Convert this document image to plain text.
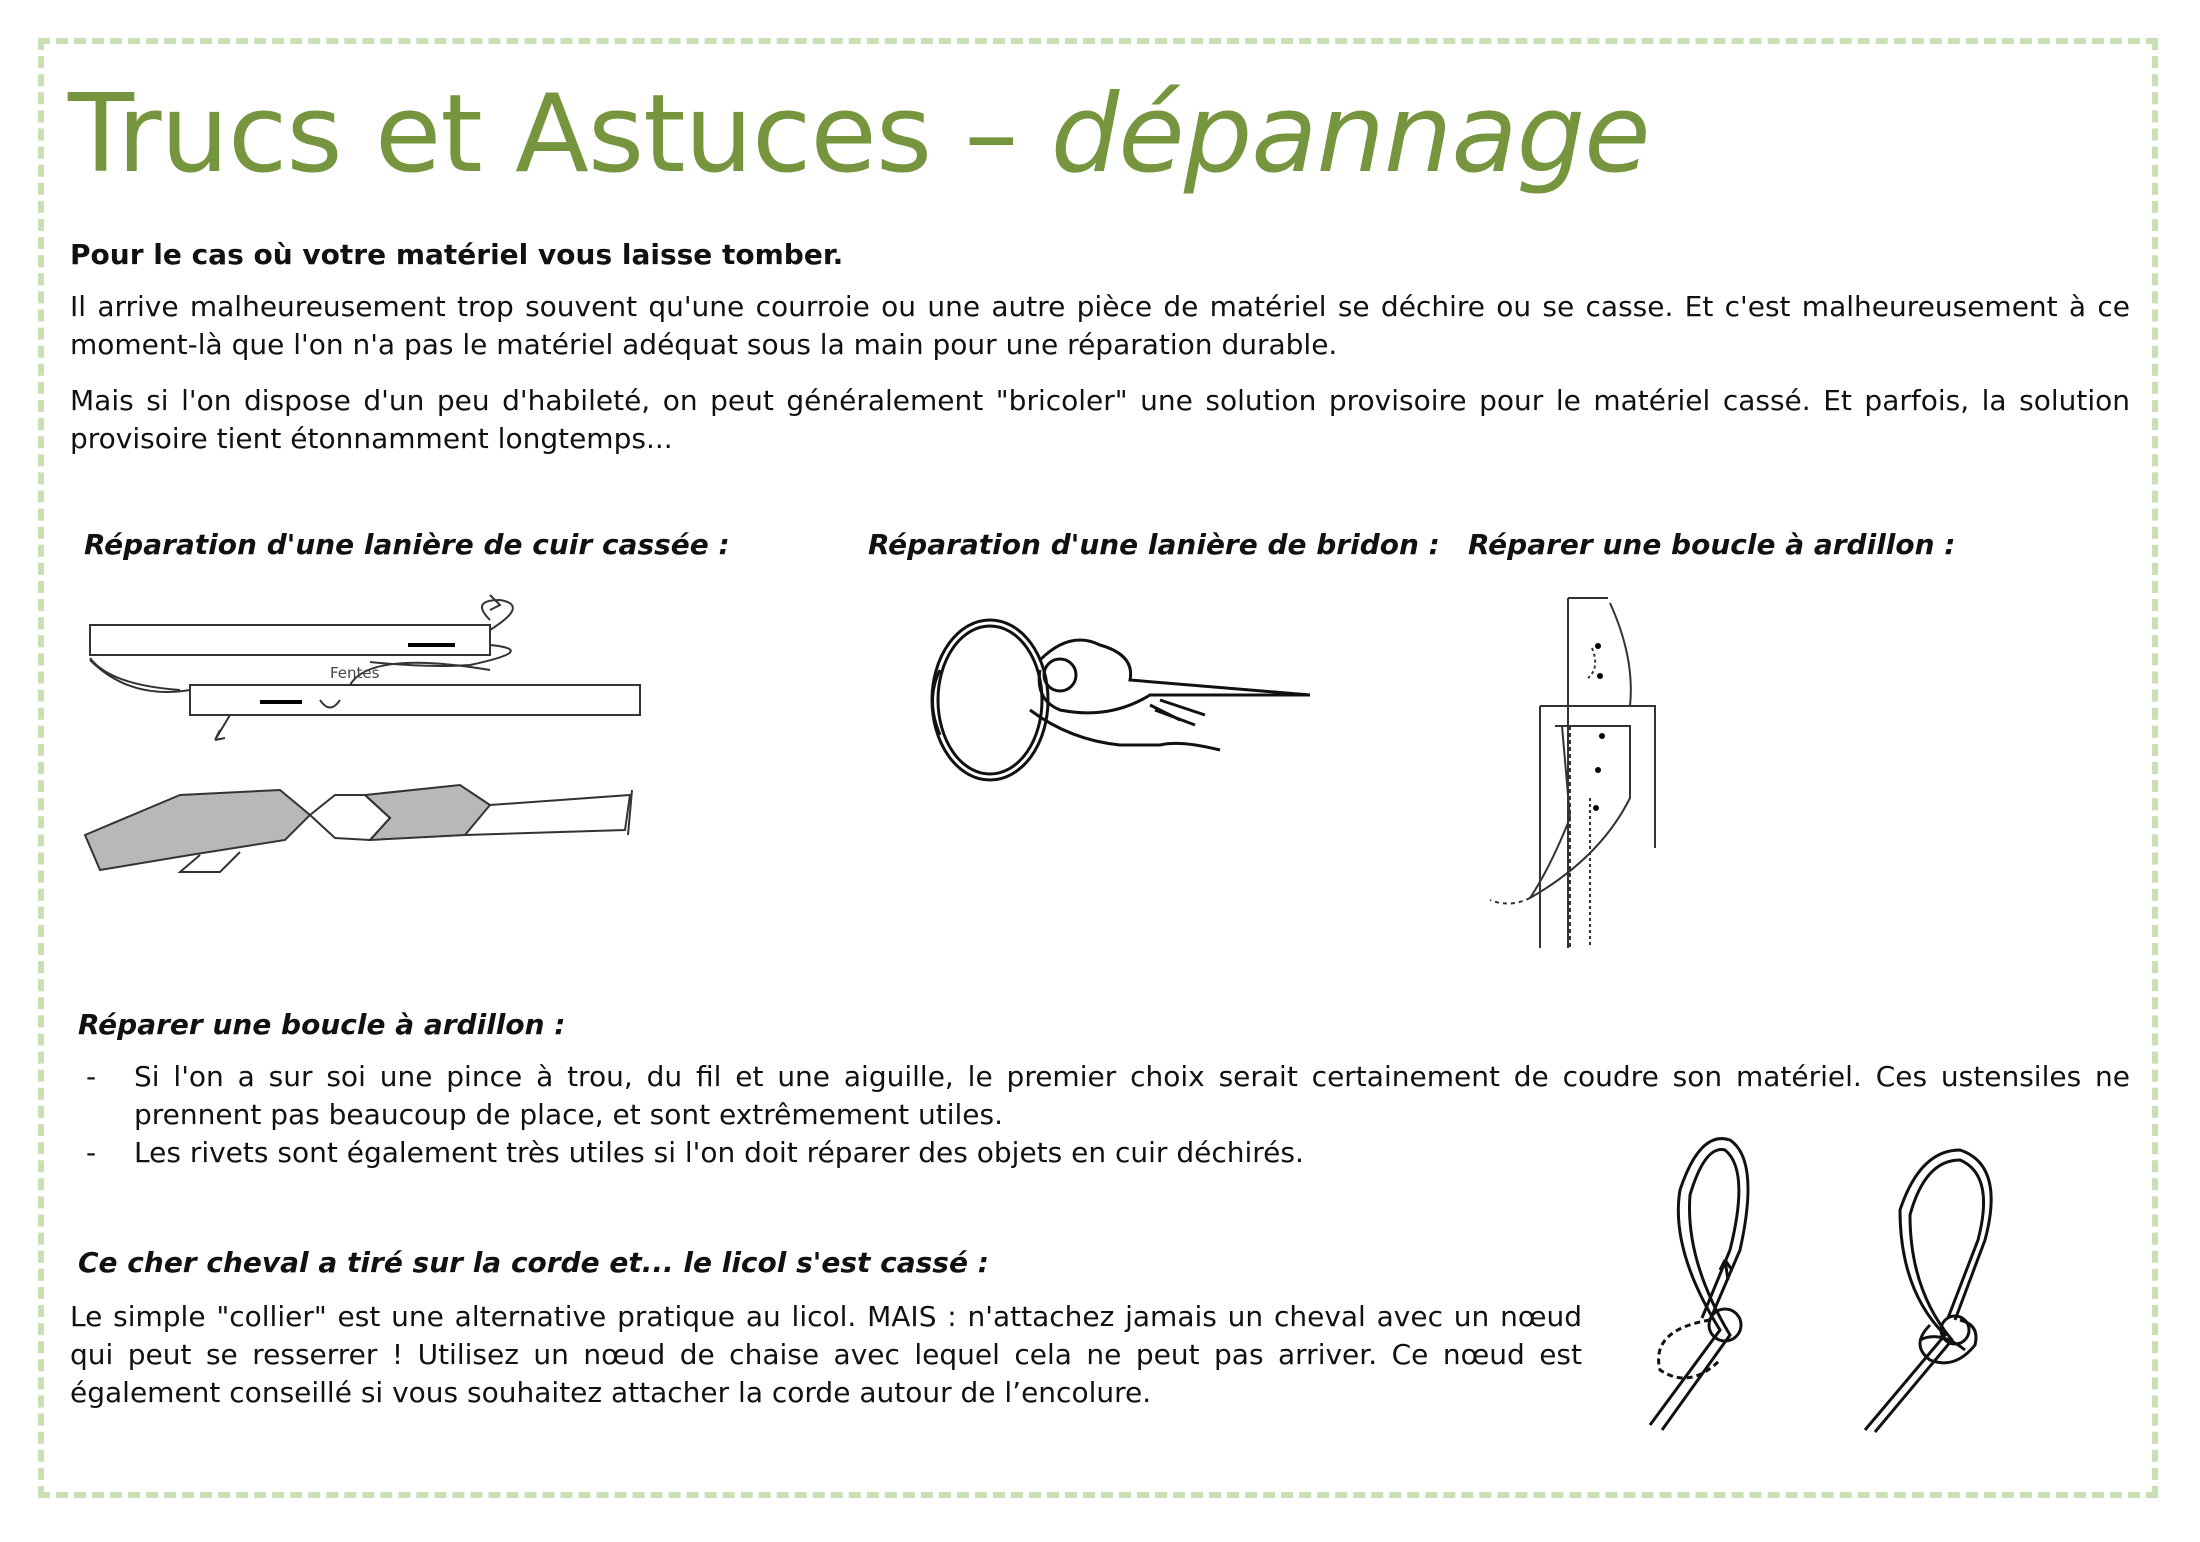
Trucs et Astuces – dépannage
Pour le cas où votre matériel vous laisse tomber.
Il arrive malheureusement trop souvent qu'une courroie ou une autre pièce de matériel se déchire ou se casse. Et c'est malheureusement à ce moment-là que l'on n'a pas le matériel adéquat sous la main pour une réparation durable.
Mais si l'on dispose d'un peu d'habileté, on peut généralement "bricoler" une solution provisoire pour le matériel cassé. Et parfois, la solution provisoire tient étonnamment longtemps...
Réparation d'une lanière de cuir cassée :	Réparation d'une lanière de bridon : Réparer une boucle à ardillon :
Fentes
Réparer une boucle à ardillon :
- Si l'on a sur soi une pince à trou, du fil et une aiguille, le premier choix serait certainement de coudre son matériel. Ces ustensiles ne prennent pas beaucoup de place, et sont extrêmement utiles.
- Les rivets sont également très utiles si l'on doit réparer des objets en cuir déchirés.
Ce cher cheval a tiré sur la corde et... le licol s'est cassé :
Le simple "collier" est une alternative pratique au licol. MAIS : n'attachez jamais un cheval avec un nœud qui peut se resserrer ! Utilisez un nœud de chaise avec lequel cela ne peut pas arriver. Ce nœud est également conseillé si vous souhaitez attacher la corde autour de l’encolure.
